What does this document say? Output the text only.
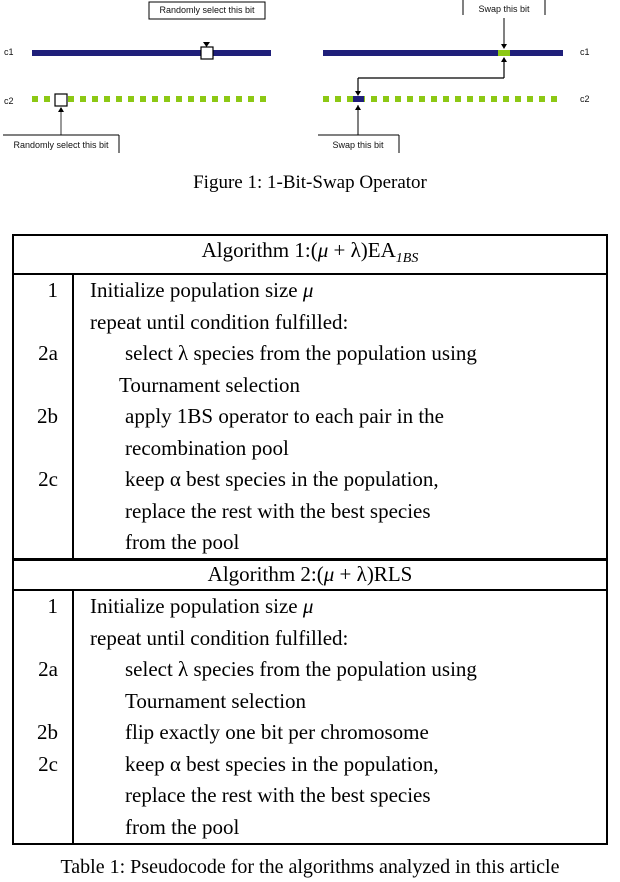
c1
c2
Randomly select this bit
Randomly select this bit
c1
c2
Swap this bit
Swap this bit
Figure 1: 1-Bit-Swap Operator
Algorithm 1:(μ + $\lambda)EA_{1BS}$
1	Initialize population size μ
repeat until condition fulfilled:
2a	select λ species from the population using
Tournament selection
2b	apply 1BS operator to each pair in the
recombination pool
2c	keep α best species in the population,
replace the rest with the best species
from the pool
Algorithm 2:(μ + λ)RLS
1	Initialize population size μ
repeat until condition fulfilled:
2a	select λ species from the population using
Tournament selection
2b	flip exactly one bit per chromosome
2c	keep α best species in the population,
replace the rest with the best species
from the pool
Table 1: Pseudocode for the algorithms analyzed in this article
